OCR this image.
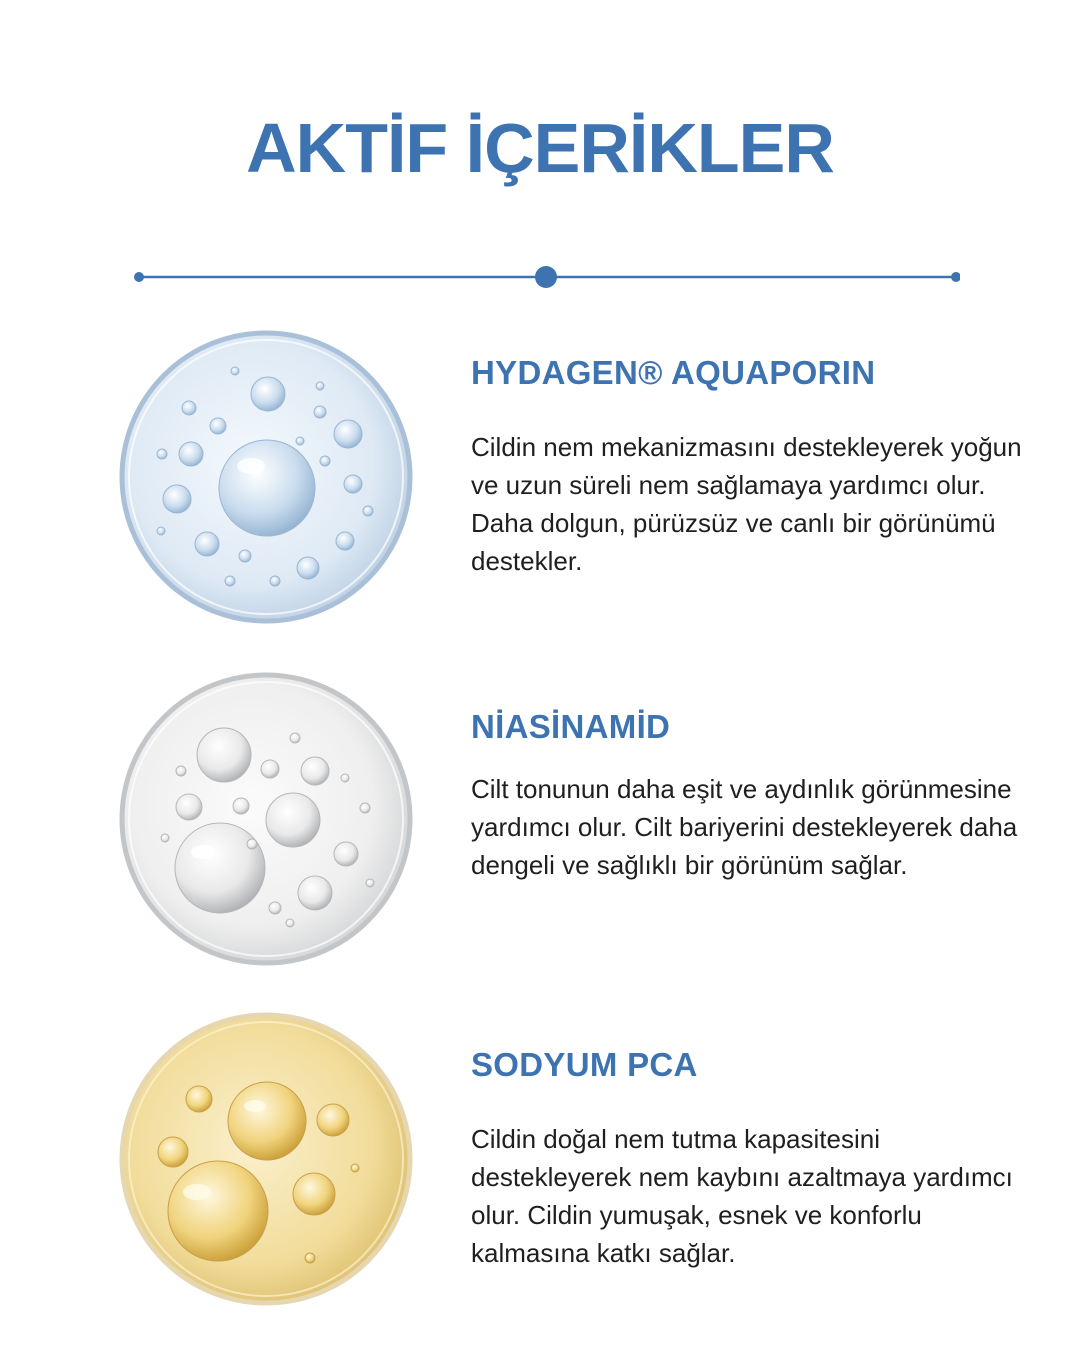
AKTİF İÇERİKLER
HYDAGEN® AQUAPORIN

Cildin nem mekanizmasını destekleyerek yoğun ve uzun süreli nem sağlamaya yardımcı olur. Daha dolgun, pürüzsüz ve canlı bir görünümü destekler.

NİASİNAMİD

Cilt tonunun daha eşit ve aydınlık görünmesine yardımcı olur. Cilt bariyerini destekleyerek daha dengeli ve sağlıklı bir görünüm sağlar.

SODYUM PCA

Cildin doğal nem tutma kapasitesini destekleyerek nem kaybını azaltmaya yardımcı olur. Cildin yumuşak, esnek ve konforlu kalmasına katkı sağlar.
